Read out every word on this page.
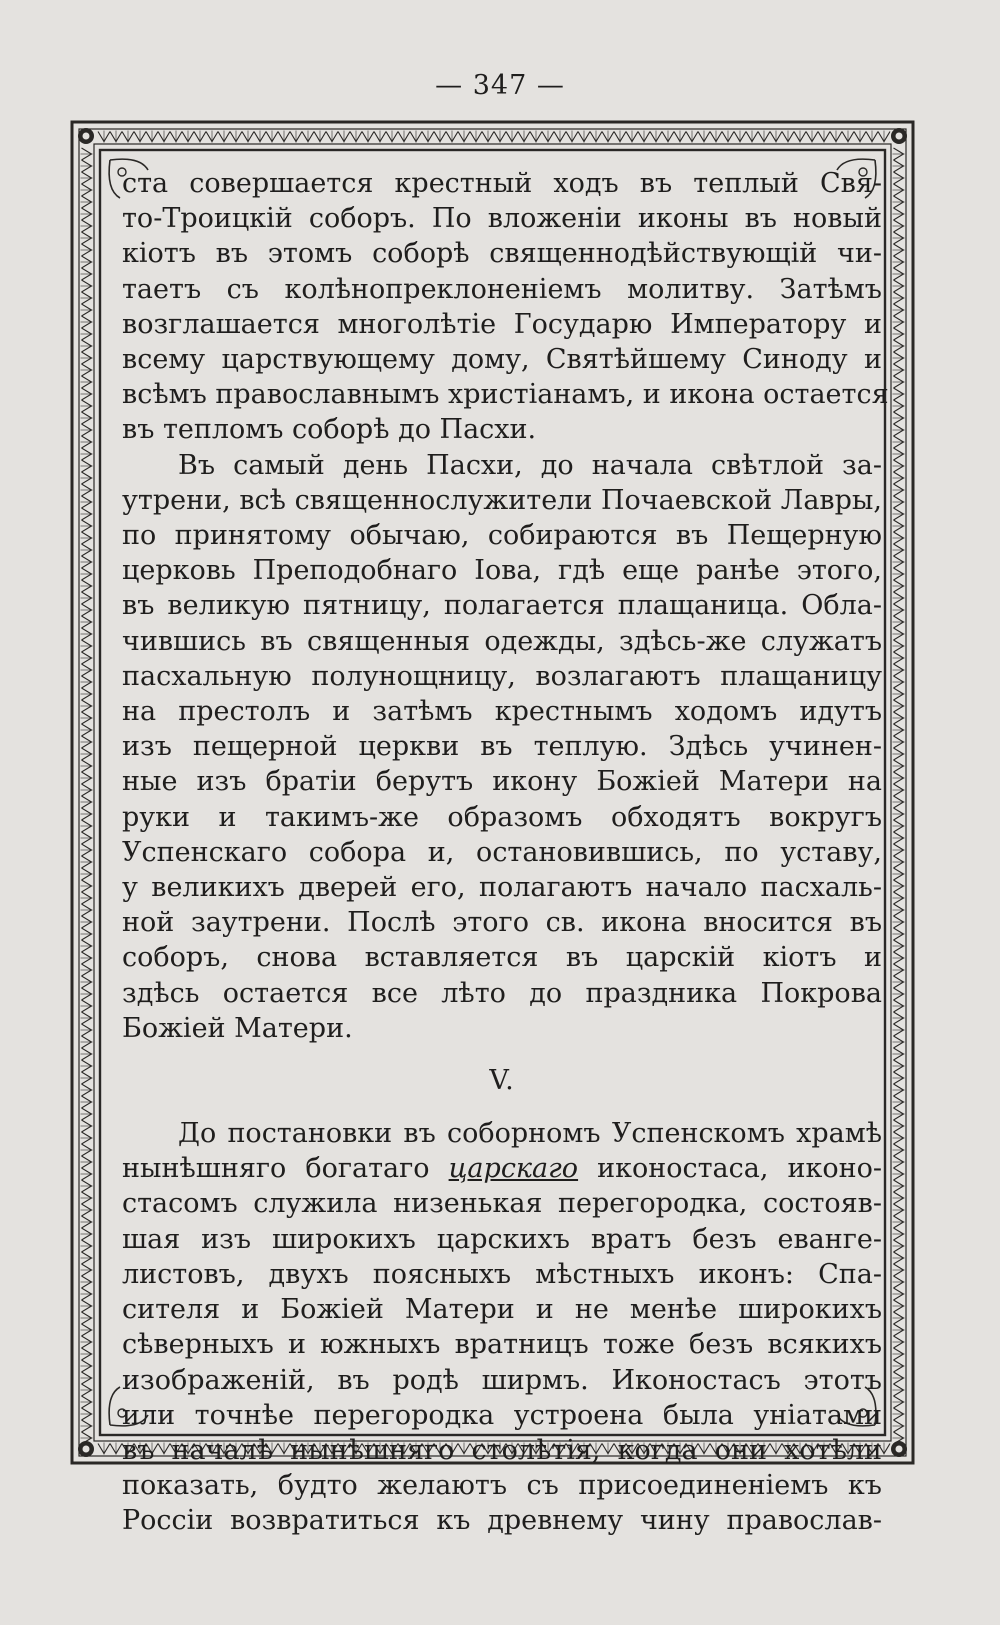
— 347 —
ста совершается крестный ходъ въ теплый Свя-
то-Троицкій соборъ. По вложеніи иконы въ новый
кіотъ въ этомъ соборѣ священнодѣйствующій чи-
таетъ съ колѣнопреклоненіемъ молитву. Затѣмъ
возглашается многолѣтіе Государю Императору и
всему царствующему дому, Святѣйшему Синоду и
всѣмъ православнымъ христіанамъ, и икона остается
въ тепломъ соборѣ до Пасхи.
Въ самый день Пасхи, до начала свѣтлой за-
утрени, всѣ священнослужители Почаевской Лавры,
по принятому обычаю, собираются въ Пещерную
церковь Преподобнаго Іова, гдѣ еще ранѣе этого,
въ великую пятницу, полагается плащаница. Обла-
чившись въ священныя одежды, здѣсь-же служатъ
пасхальную полунощницу, возлагаютъ плащаницу
на престолъ и затѣмъ крестнымъ ходомъ идутъ
изъ пещерной церкви въ теплую. Здѣсь учинен-
ные изъ братіи берутъ икону Божіей Матери на
руки и такимъ-же образомъ обходятъ вокругъ
Успенскаго собора и, остановившись, по уставу,
у великихъ дверей его, полагаютъ начало пасхаль-
ной заутрени. Послѣ этого св. икона вносится въ
соборъ, снова вставляется въ царскій кіотъ и
здѣсь остается все лѣто до праздника Покрова
Божіей Матери.
V.
До постановки въ соборномъ Успенскомъ храмѣ
нынѣшняго богатаго царскаго иконостаса, иконо-
стасомъ служила низенькая перегородка, состояв-
шая изъ широкихъ царскихъ вратъ безъ еванге-
листовъ, двухъ поясныхъ мѣстныхъ иконъ: Спа-
сителя и Божіей Матери и не менѣе широкихъ
сѣверныхъ и южныхъ вратницъ тоже безъ всякихъ
изображеній, въ родѣ ширмъ. Иконостасъ этотъ
или точнѣе перегородка устроена была уніатами
въ началѣ нынѣшняго столѣтія, когда они хотѣли
показать, будто желаютъ съ присоединеніемъ къ
Россіи возвратиться къ древнему чину православ-
